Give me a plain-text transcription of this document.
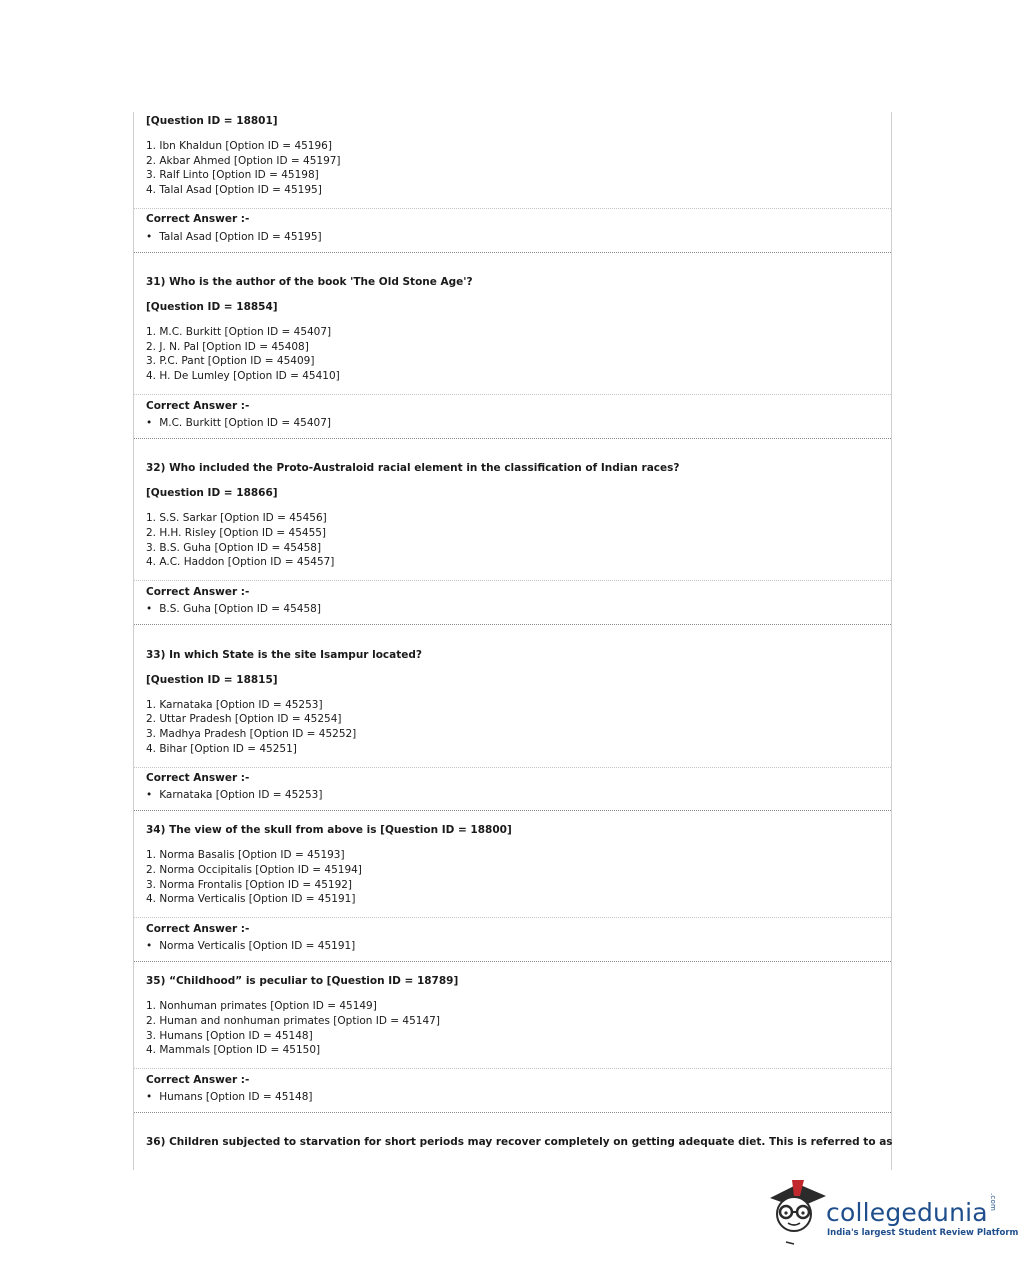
[Question ID = 18801]
1. Ibn Khaldun [Option ID = 45196]
2. Akbar Ahmed [Option ID = 45197]
3. Ralf Linto [Option ID = 45198]
4. Talal Asad [Option ID = 45195]
Correct Answer :-
• Talal Asad [Option ID = 45195]
31) Who is the author of the book 'The Old Stone Age'?
[Question ID = 18854]
1. M.C. Burkitt [Option ID = 45407]
2. J. N. Pal [Option ID = 45408]
3. P.C. Pant [Option ID = 45409]
4. H. De Lumley [Option ID = 45410]
Correct Answer :-
• M.C. Burkitt [Option ID = 45407]
32) Who included the Proto-Australoid racial element in the classification of Indian races?
[Question ID = 18866]
1. S.S. Sarkar [Option ID = 45456]
2. H.H. Risley [Option ID = 45455]
3. B.S. Guha [Option ID = 45458]
4. A.C. Haddon [Option ID = 45457]
Correct Answer :-
• B.S. Guha [Option ID = 45458]
33) In which State is the site Isampur located?
[Question ID = 18815]
1. Karnataka [Option ID = 45253]
2. Uttar Pradesh [Option ID = 45254]
3. Madhya Pradesh [Option ID = 45252]
4. Bihar [Option ID = 45251]
Correct Answer :-
• Karnataka [Option ID = 45253]
34) The view of the skull from above is [Question ID = 18800]
1. Norma Basalis [Option ID = 45193]
2. Norma Occipitalis [Option ID = 45194]
3. Norma Frontalis [Option ID = 45192]
4. Norma Verticalis [Option ID = 45191]
Correct Answer :-
• Norma Verticalis [Option ID = 45191]
35) “Childhood” is peculiar to [Question ID = 18789]
1. Nonhuman primates [Option ID = 45149]
2. Human and nonhuman primates [Option ID = 45147]
3. Humans [Option ID = 45148]
4. Mammals [Option ID = 45150]
Correct Answer :-
• Humans [Option ID = 45148]
36) Children subjected to starvation for short periods may recover completely on getting adequate diet. This is referred to as
collegedunia.com
India's largest Student Review Platform
